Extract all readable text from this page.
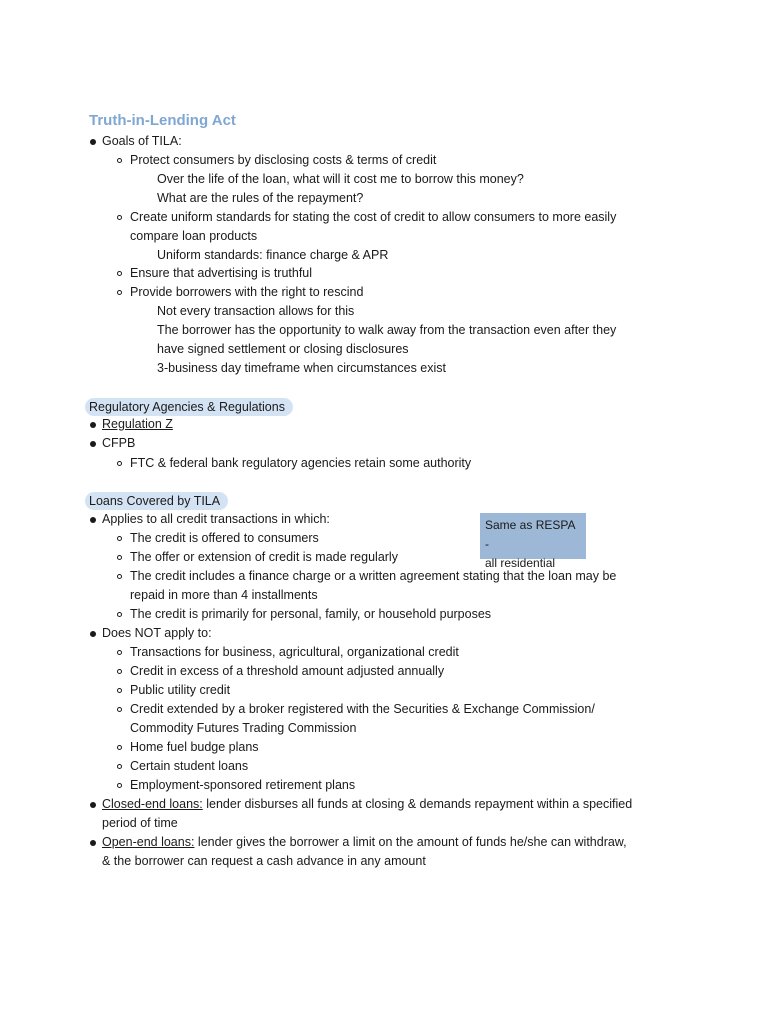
Truth-in-Lending Act
Goals of TILA:
Protect consumers by disclosing costs & terms of credit
Over the life of the loan, what will it cost me to borrow this money?
What are the rules of the repayment?
Create uniform standards for stating the cost of credit to allow consumers to more easily
compare loan products
Uniform standards: finance charge & APR
Ensure that advertising is truthful
Provide borrowers with the right to rescind
Not every transaction allows for this
The borrower has the opportunity to walk away from the transaction even after they
have signed settlement or closing disclosures
3-business day timeframe when circumstances exist
Regulatory Agencies & Regulations
Regulation Z
CFPB
FTC & federal bank regulatory agencies retain some authority
Loans Covered by TILA
Applies to all credit transactions in which:
The credit is offered to consumers
The offer or extension of credit is made regularly
The credit includes a finance charge or a written agreement stating that the loan may be
repaid in more than 4 installments
The credit is primarily for personal, family, or household purposes
Does NOT apply to:
Transactions for business, agricultural, organizational credit
Credit in excess of a threshold amount adjusted annually
Public utility credit
Credit extended by a broker registered with the Securities & Exchange Commission/
Commodity Futures Trading Commission
Home fuel budge plans
Certain student loans
Employment-sponsored retirement plans
Closed-end loans: lender disburses all funds at closing & demands repayment within a specified
period of time
Open-end loans: lender gives the borrower a limit on the amount of funds he/she can withdraw,
& the borrower can request a cash advance in any amount
Same as RESPA -
all residential
